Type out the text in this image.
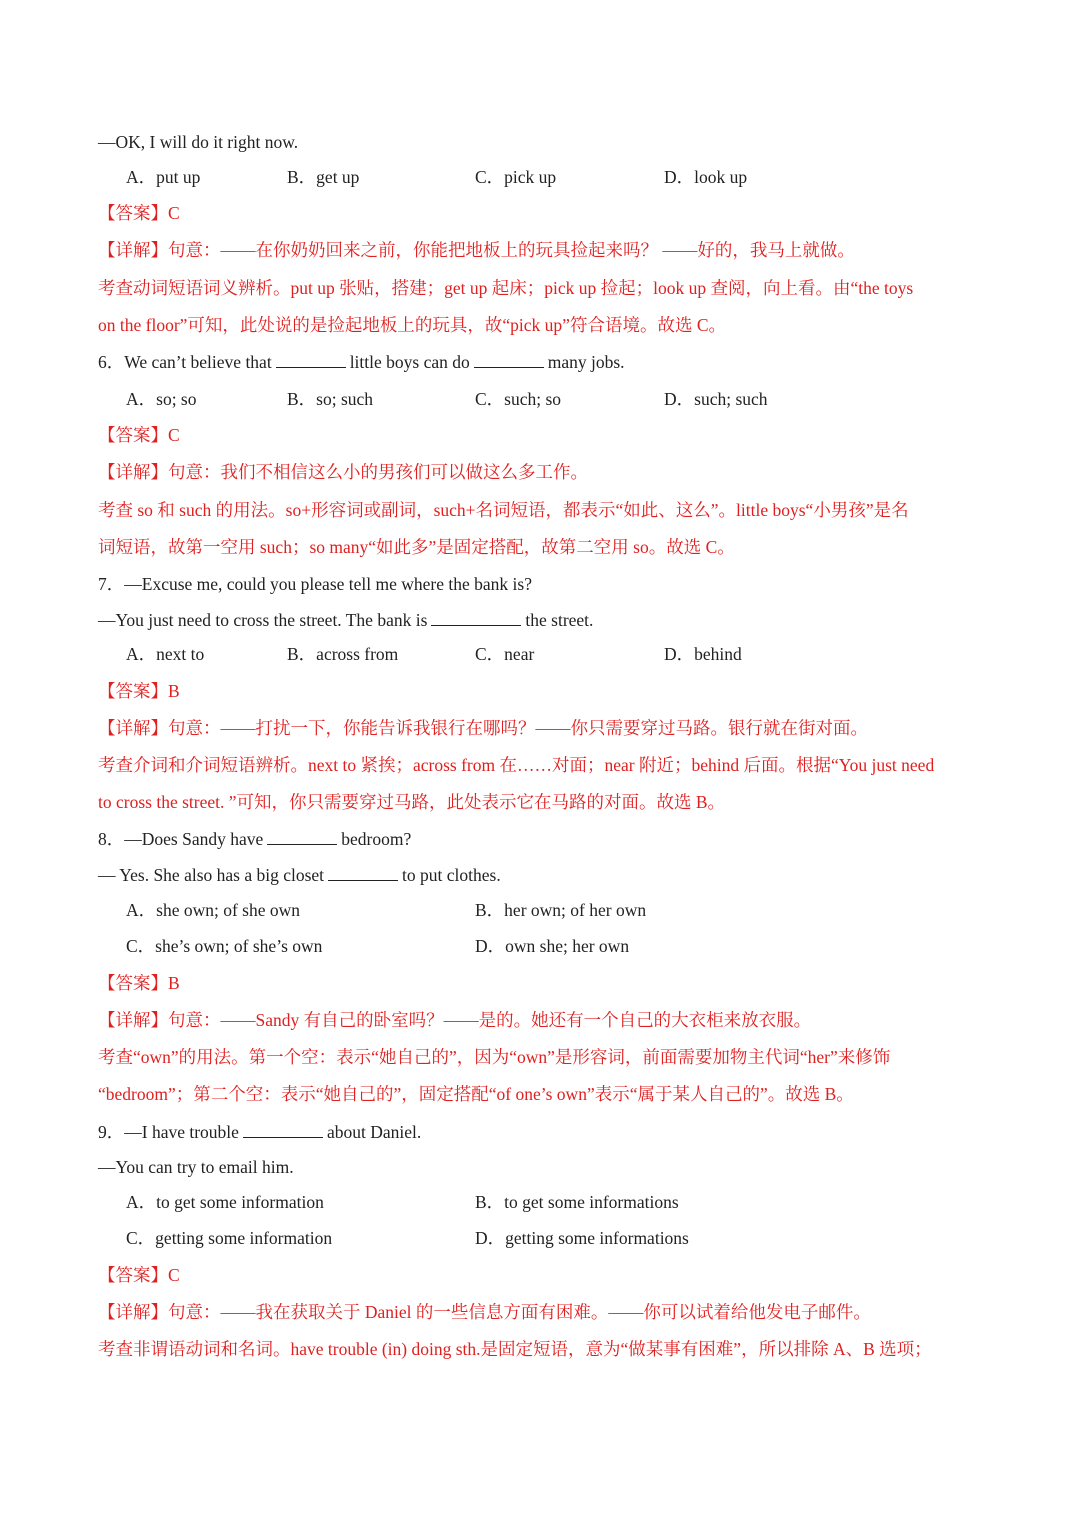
—OK, I will do it right now.
A．put up	B．get up	C．pick up	D．look up
【答案】C
【详解】句意：——在你奶奶回来之前，你能把地板上的玩具捡起来吗？ ——好的，我马上就做。
考查动词短语词义辨析。put up 张贴，搭建；get up 起床；pick up 捡起；look up 查阅，向上看。由“the toys
on the floor”可知，此处说的是捡起地板上的玩具，故“pick up”符合语境。故选 C。
6．We can’t believe that	little boys can do	many jobs.
A．so; so	B．so; such	C．such; so	D．such; such
【答案】C
【详解】句意：我们不相信这么小的男孩们可以做这么多工作。
考查 so 和 such 的用法。so+形容词或副词，such+名词短语，都表示“如此、这么”。little boys“小男孩”是名
词短语，故第一空用 such；so many“如此多”是固定搭配，故第二空用 so。故选 C。
7．—Excuse me, could you please tell me where the bank is?
—You just need to cross the street. The bank is	the street.
A．next to	B．across from	C．near	D．behind
【答案】B
【详解】句意：——打扰一下，你能告诉我银行在哪吗？——你只需要穿过马路。银行就在街对面。
考查介词和介词短语辨析。next to 紧挨；across from 在……对面；near 附近；behind 后面。根据“You just need
to cross the street. ”可知，你只需要穿过马路，此处表示它在马路的对面。故选 B。
8．—Does Sandy have	bedroom?
— Yes. She also has a big closet	to put clothes.
A．she own; of she own	B．her own; of her own
C．she’s own; of she’s own	D．own she; her own
【答案】B
【详解】句意：——Sandy 有自己的卧室吗？——是的。她还有一个自己的大衣柜来放衣服。
考查“own”的用法。第一个空：表示“她自己的”，因为“own”是形容词，前面需要加物主代词“her”来修饰
“bedroom”；第二个空：表示“她自己的”，固定搭配“of one’s own”表示“属于某人自己的”。故选 B。
9．—I have trouble	about Daniel.
—You can try to email him.
A．to get some information	B．to get some informations
C．getting some information	D．getting some informations
【答案】C
【详解】句意：——我在获取关于 Daniel 的一些信息方面有困难。——你可以试着给他发电子邮件。
考查非谓语动词和名词。have trouble (in) doing sth.是固定短语，意为“做某事有困难”，所以排除 A、B 选项；
